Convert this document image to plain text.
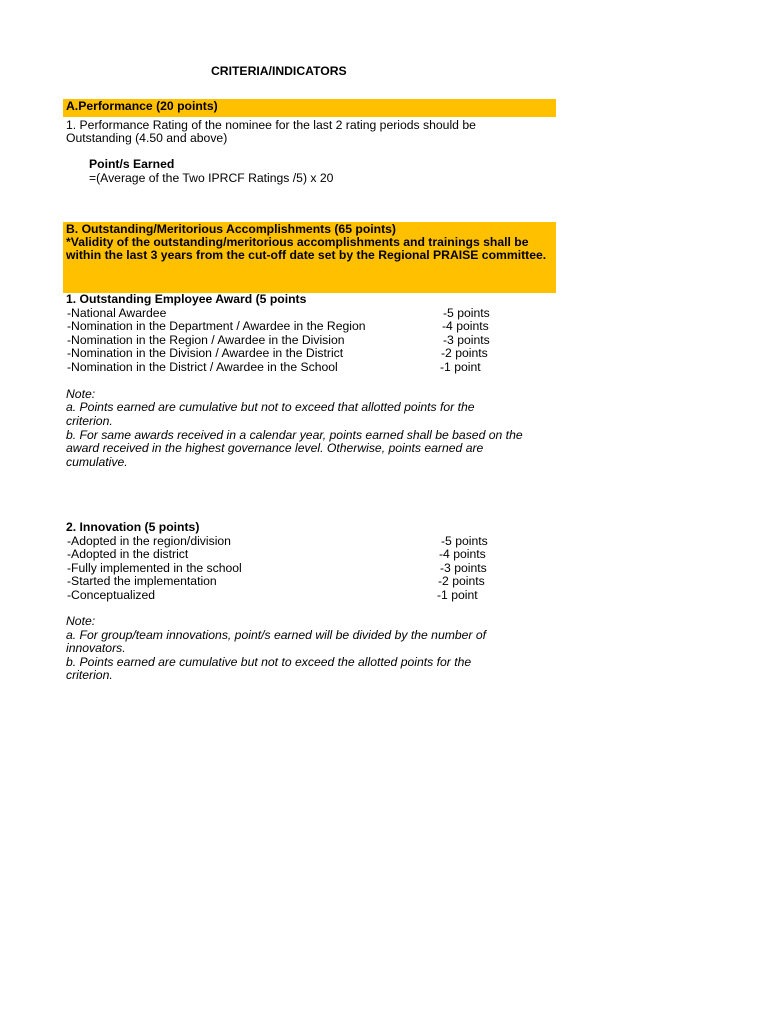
CRITERIA/INDICATORS
A.Performance (20 points)
1. Performance Rating of the nominee for the last 2 rating periods should be
Outstanding (4.50 and above)
Point/s Earned
=(Average of the Two IPRCF Ratings /5) x 20
B. Outstanding/Meritorious Accomplishments (65 points)
*Validity of the outstanding/meritorious accomplishments and trainings shall be
within the last 3 years from the cut-off date set by the Regional PRAISE committee.
1. Outstanding Employee Award (5 points
-National Awardee	-5 points
-Nomination in the Department / Awardee in the Region	-4 points
-Nomination in the Region / Awardee in the Division	-3 points
-Nomination in the Division / Awardee in the District	-2 points
-Nomination in the District / Awardee in the School	-1 point
Note:
a. Points earned are cumulative but not to exceed that allotted points for the
criterion.
b. For same awards received in a calendar year, points earned shall be based on the
award received in the highest governance level. Otherwise, points earned are
cumulative.
2. Innovation (5 points)
-Adopted in the region/division	-5 points
-Adopted in the district	-4 points
-Fully implemented in the school	-3 points
-Started the implementation	-2 points
-Conceptualized	-1 point
Note:
a. For group/team innovations, point/s earned will be divided by the number of
innovators.
b. Points earned are cumulative but not to exceed the allotted points for the
criterion.
